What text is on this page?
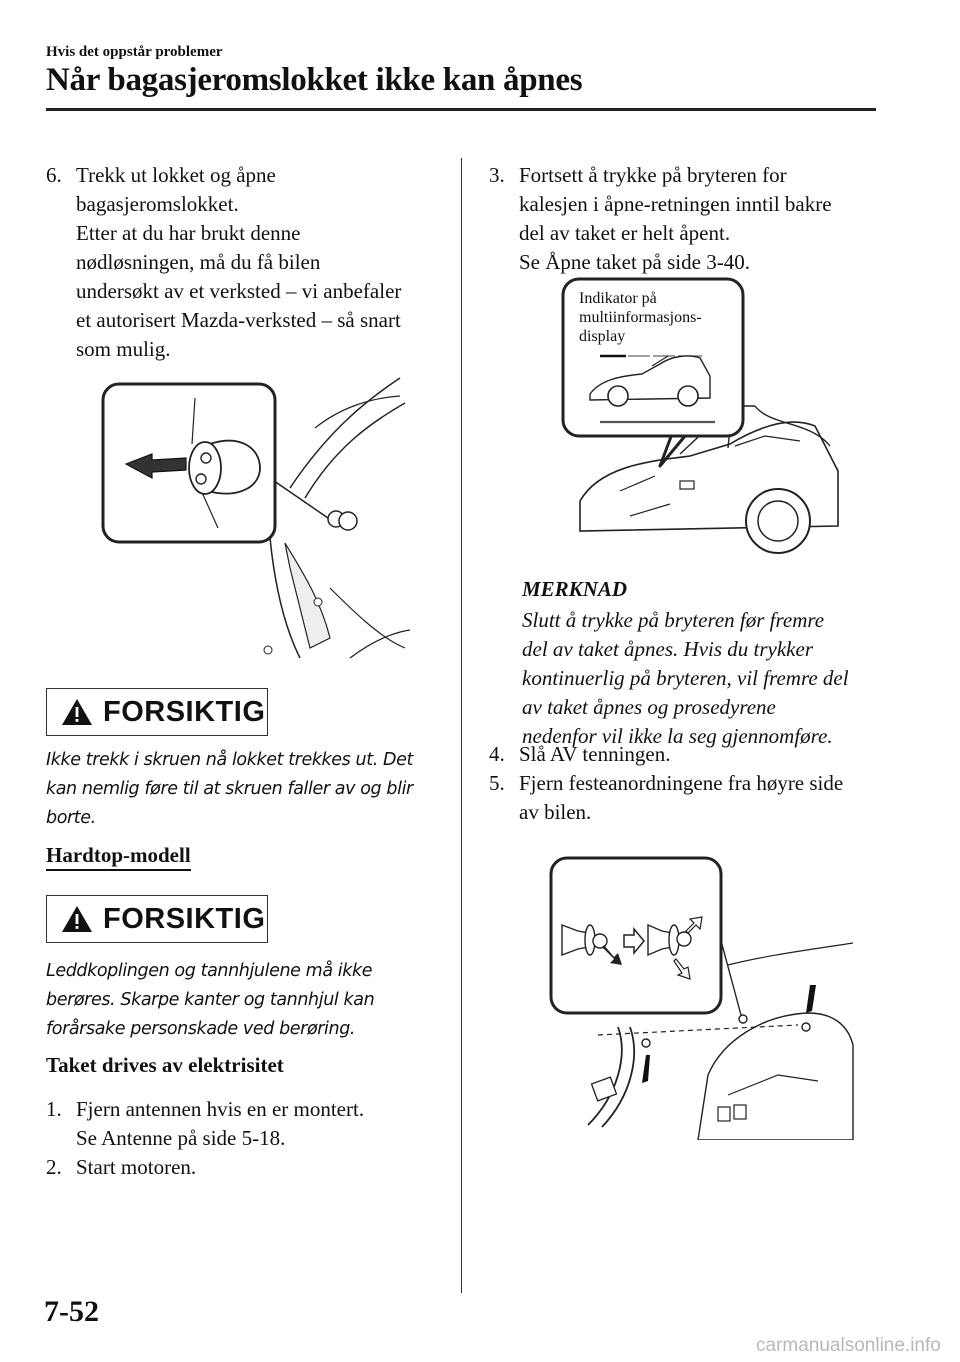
Hvis det oppstår problemer
Når bagasjeromslokket ikke kan åpnes
6. Trekk ut lokket og åpne
bagasjeromslokket.
Etter at du har brukt denne
nødløsningen, må du få bilen
undersøkt av et verksted – vi anbefaler
et autorisert Mazda-verksted – så snart
som mulig.
FORSIKTIG
Ikke trekk i skruen nå lokket trekkes ut. Det
kan nemlig føre til at skruen faller av og blir
borte.
Hardtop-modell
FORSIKTIG
Leddkoplingen og tannhjulene må ikke
berøres. Skarpe kanter og tannhjul kan
forårsake personskade ved berøring.
Taket drives av elektrisitet
1. Fjern antennen hvis en er montert.
Se Antenne på side 5-18.
2. Start motoren.
3. Fortsett å trykke på bryteren for
kalesjen i åpne-retningen inntil bakre
del av taket er helt åpent.
Se Åpne taket på side 3-40.
Indikator på
multiinformasjons-
display
MERKNAD
Slutt å trykke på bryteren før fremre
del av taket åpnes. Hvis du trykker
kontinuerlig på bryteren, vil fremre del
av taket åpnes og prosedyrene
nedenfor vil ikke la seg gjennomføre.
4. Slå AV tenningen.
5. Fjern festeanordningene fra høyre side
av bilen.
7-52
carmanualsonline.info
